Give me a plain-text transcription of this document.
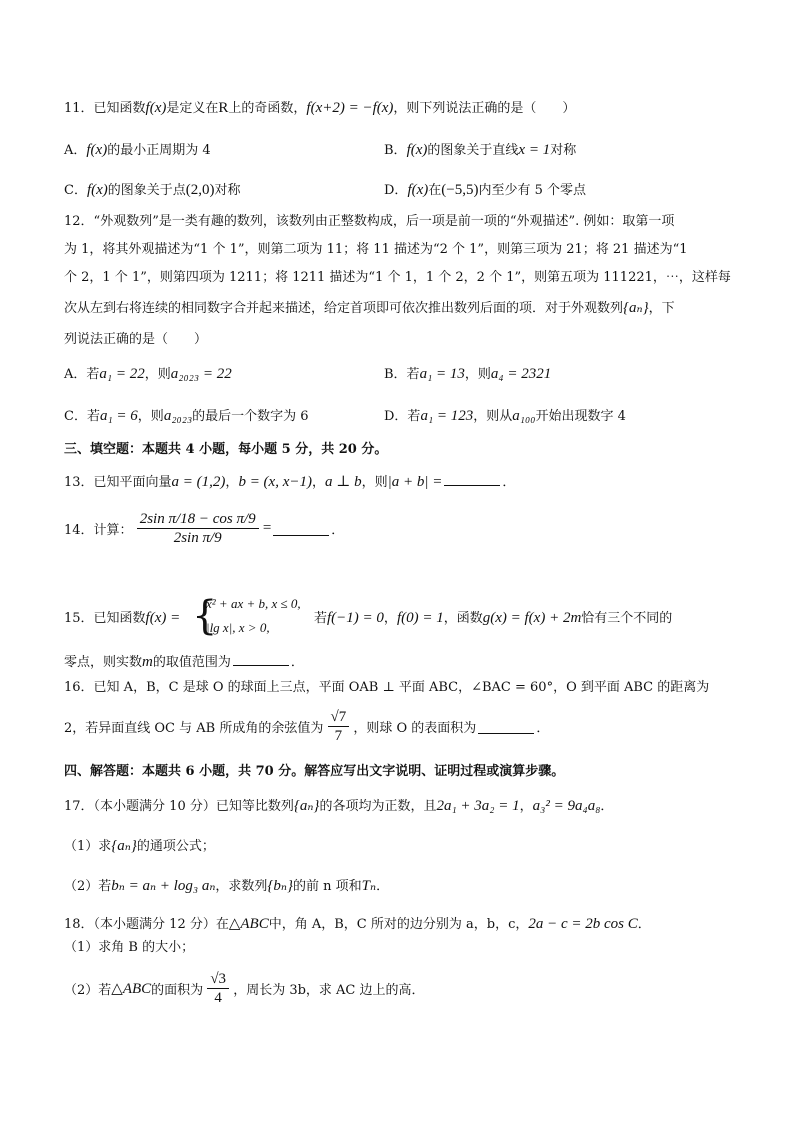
11．已知函数f(x)是定义在R上的奇函数，f(x+2) = −f(x)，则下列说法正确的是（　　）
A．f(x)的最小正周期为 4	B．f(x)的图象关于直线x = 1对称
C．f(x)的图象关于点(2,0)对称	D．f(x)在(−5,5)内至少有 5 个零点
12．“外观数列”是一类有趣的数列，该数列由正整数构成，后一项是前一项的“外观描述”. 例如：取第一项
为 1，将其外观描述为“1 个 1”，则第二项为 11；将 11 描述为“2 个 1”，则第三项为 21；将 21 描述为“1
个 2，1 个 1”，则第四项为 1211；将 1211 描述为“1 个 1，1 个 2，2 个 1”，则第五项为 111221，⋯，这样每
次从左到右将连续的相同数字合并起来描述，给定首项即可依次推出数列后面的项．对于外观数列{aₙ}，下
列说法正确的是（　　）
A．若a₁ = 22，则a₂₀₂₃ = 22	B．若a₁ = 13，则a₄ = 2321
C．若a₁ = 6，则a₂₀₂₃的最后一个数字为 6	D．若a₁ = 123，则从a₁₀₀开始出现数字 4
三、填空题：本题共 4 小题，每小题 5 分，共 20 分。
13．已知平面向量a = (1,2)，b = (x, x−1)，a ⊥ b，则|a + b| =	．
14．计算： $\frac{\text{2sin π/18 − cos π/9}}{\text{2sin π/9}}$ =	．
15．已知函数f(x) = {
x² + ax + b, x ≤ 0,
|lg x|, x > 0,
若f(−1) = 0，f(0) = 1，函数g(x) = f(x) + 2m恰有三个不同的
零点，则实数m的取值范围为	．
16．已知 A，B，C 是球 O 的球面上三点，平面 OAB ⊥ 平面 ABC，∠BAC = 60°，O 到平面 ABC 的距离为
2，若异面直线 OC 与 AB 所成角的余弦值为 $\frac{√7}{7}$ ，则球 O 的表面积为	．
四、解答题：本题共 6 小题，共 70 分。解答应写出文字说明、证明过程或演算步骤。
17．（本小题满分 10 分）已知等比数列{aₙ}的各项均为正数，且2a₁ + 3a₂ = 1，a₃² = 9a₄a₈．
（1）求{aₙ}的通项公式；
（2）若bₙ = aₙ + log₃ aₙ，求数列{bₙ}的前 n 项和Tₙ．
18．（本小题满分 12 分）在△ABC中，角 A，B，C 所对的边分别为 a，b，c，2a − c = 2b cos C．
（1）求角 B 的大小；
（2）若△ABC的面积为 $\frac{√3}{4}$ ，周长为 3b，求 AC 边上的高．
